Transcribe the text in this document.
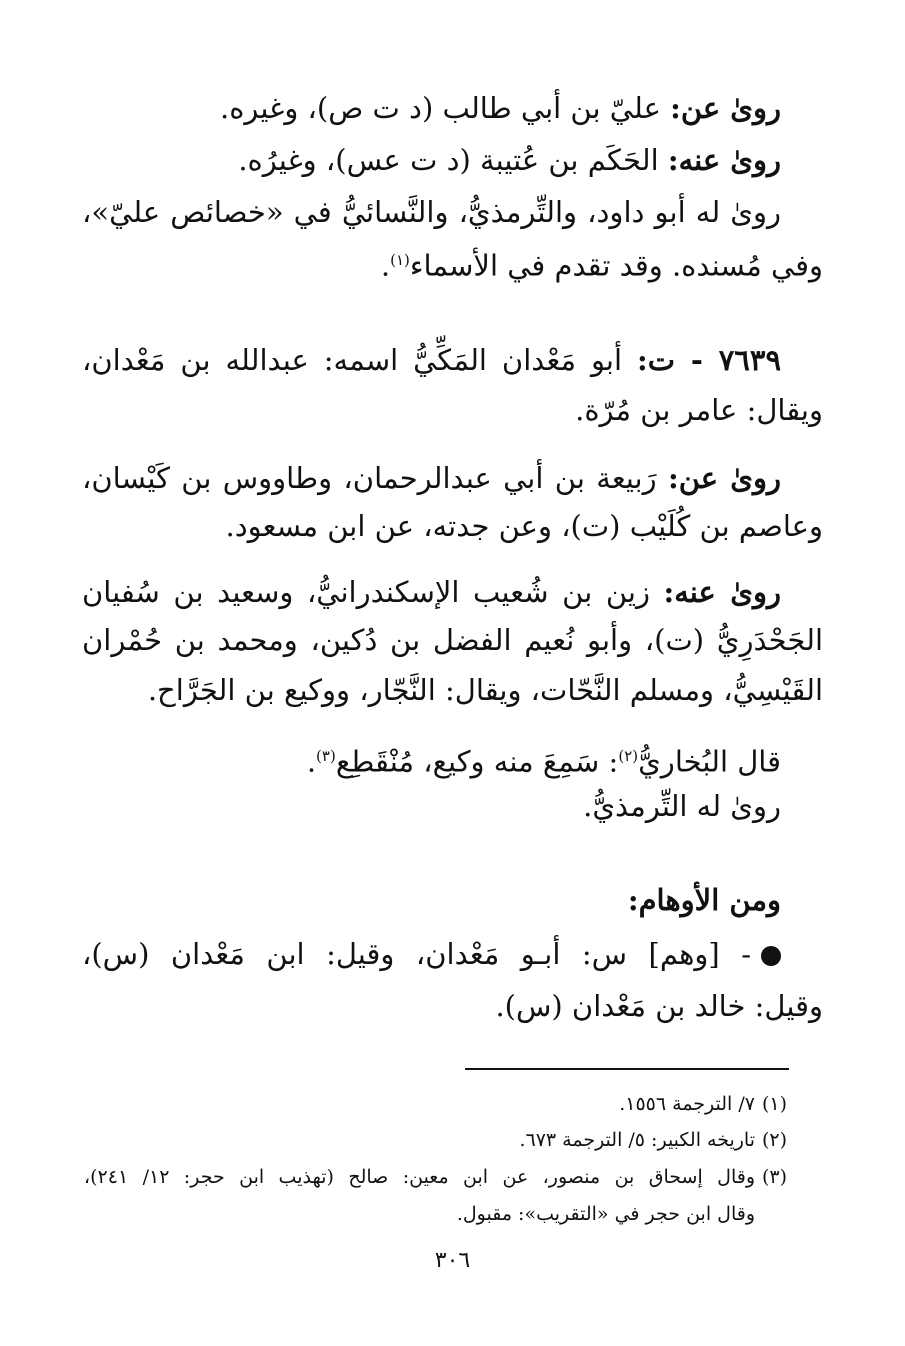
روىٰ عن: عليّ بن أبي طالب (د ت ص)، وغيره.
روىٰ عنه: الحَكَم بن عُتيبة (د ت عس)، وغيرُه.
روىٰ له أبو داود، والتِّرمذيُّ، والنَّسائيُّ في «خصائص عليّ»،
وفي مُسنده. وقد تقدم في الأسماء$^{(١)}$.
٧٦٣٩ - ت: أبو مَعْدان المَكِّيُّ اسمه: عبدالله بن مَعْدان،
ويقال: عامر بن مُرّة.
روىٰ عن: رَبيعة بن أبي عبدالرحمان، وطاووس بن كَيْسان،
وعاصم بن كُلَيْب (ت)، وعن جدته، عن ابن مسعود.
روىٰ عنه: زين بن شُعيب الإسكندرانيُّ، وسعيد بن سُفيان
الجَحْدَرِيُّ (ت)، وأبو نُعيم الفضل بن دُكين، ومحمد بن حُمْران
القَيْسِيُّ، ومسلم النَّحّات، ويقال: النَّجّار، ووكيع بن الجَرَّاح.
قال البُخاريُّ$^{(٢)}$: سَمِعَ منه وكيع، مُنْقَطِع$^{(٣)}$.
روىٰ له التِّرمذيُّ.
ومن الأوهام:
- [وهم] س: أبـو مَعْدان، وقيل: ابن مَعْدان (س)،
وقيل: خالد بن مَعْدان (س).
(١)
٧/ الترجمة ١٥٥٦.
(٢)
تاريخه الكبير: ٥/ الترجمة ٦٧٣.
(٣)
وقال إسحاق بن منصور، عن ابن معين: صالح (تهذيب ابن حجر: ١٢/ ٢٤١)،
وقال ابن حجر في «التقريب»: مقبول.
٣٠٦
